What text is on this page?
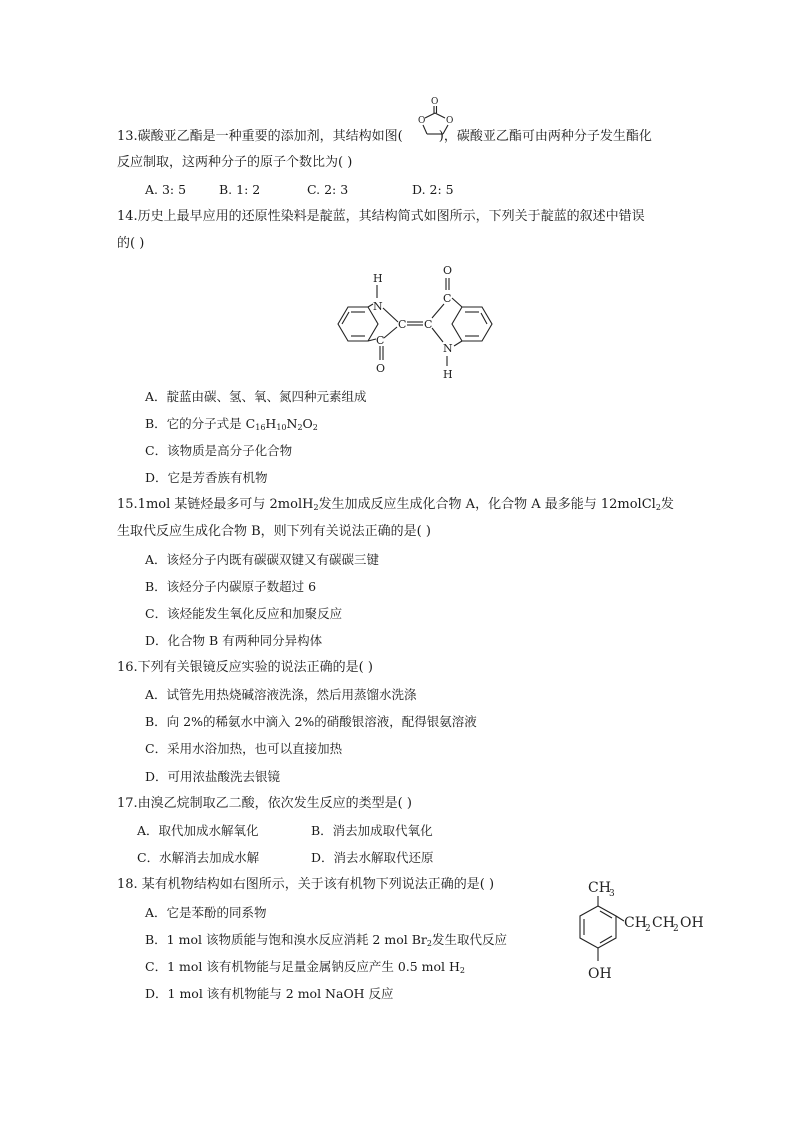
13.碳酸亚乙酯是一种重要的添加剂，其结构如图(	)，碳酸亚乙酯可由两种分子发生酯化
O
O O
反应制取，这两种分子的原子个数比为( )
A. 3: 5	B. 1: 2	C. 2: 3	D. 2: 5
14.历史上最早应用的还原性染料是靛蓝，其结构简式如图所示，下列关于靛蓝的叙述中错误
的( )
N
H
C
C
O
C
C
O
N
H
A．靛蓝由碳、氢、氧、氮四种元素组成
B．它的分子式是 $C_{16}H_{10}N_2O_2$
C．该物质是高分子化合物
D．它是芳香族有机物
15.1mol 某链烃最多可与 2molH$_2$发生加成反应生成化合物 A，化合物 A 最多能与 12molCl$_2$发
生取代反应生成化合物 B，则下列有关说法正确的是( )
A．该烃分子内既有碳碳双键又有碳碳三键
B．该烃分子内碳原子数超过 6
C．该烃能发生氧化反应和加聚反应
D．化合物 B 有两种同分异构体
16.下列有关银镜反应实验的说法正确的是( )
A．试管先用热烧碱溶液洗涤，然后用蒸馏水洗涤
B．向 2%的稀氨水中滴入 2%的硝酸银溶液，配得银氨溶液
C．采用水浴加热，也可以直接加热
D．可用浓盐酸洗去银镜
17.由溴乙烷制取乙二酸，依次发生反应的类型是( )
A．取代加成水解氧化	B．消去加成取代氧化
C．水解消去加成水解	D．消去水解取代还原
18. 某有机物结构如右图所示，关于该有机物下列说法正确的是( )
A．它是苯酚的同系物
B．1 mol 该物质能与饱和溴水反应消耗 2 mol $Br_2$发生取代反应
C．1 mol 该有机物能与足量金属钠反应产生 0.5 mol $H_2$
D．1 mol 该有机物能与 2 mol NaOH 反应
CH
3
CH
2 CH
2 OH
OH
